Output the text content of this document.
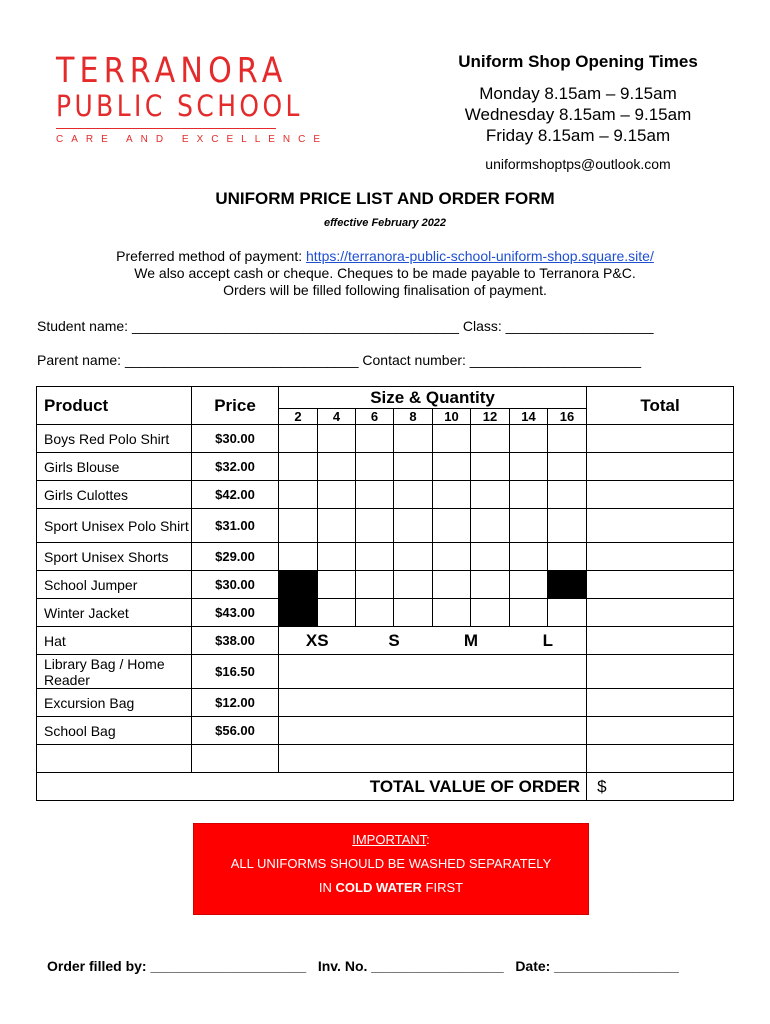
TERRANORA
PUBLIC SCHOOL
CARE AND EXCELLENCE
Uniform Shop Opening Times
Monday 8.15am – 9.15am
Wednesday 8.15am – 9.15am
Friday 8.15am – 9.15am
uniformshoptps@outlook.com
UNIFORM PRICE LIST AND ORDER FORM
effective February 2022
Preferred method of payment: https://terranora-public-school-uniform-shop.square.site/
We also accept cash or cheque. Cheques to be made payable to Terranora P&C.
Orders will be filled following finalisation of payment.
Student name: __________________________________________ Class: ___________________
Parent name: ______________________________ Contact number: ______________________
Product	Price	Size & Quantity								Total
		2	4	6	8	10	12	14	16	
Boys Red Polo Shirt	$30.00									
Girls Blouse	$32.00									
Girls Culottes	$42.00									
Sport Unisex Polo Shirt	$31.00									
Sport Unisex Shorts	$29.00									
School Jumper	$30.00									
Winter Jacket	$43.00									
Hat	$38.00	XS		S		M		L		
Library Bag / Home Reader	$16.50									
Excursion Bag	$12.00									
School Bag	$56.00									

		TOTAL VALUE OF ORDER								$
IMPORTANT:
ALL UNIFORMS SHOULD BE WASHED SEPARATELY
IN COLD WATER FIRST
Order filled by: ____________________ Inv. No. _________________ Date: ________________
